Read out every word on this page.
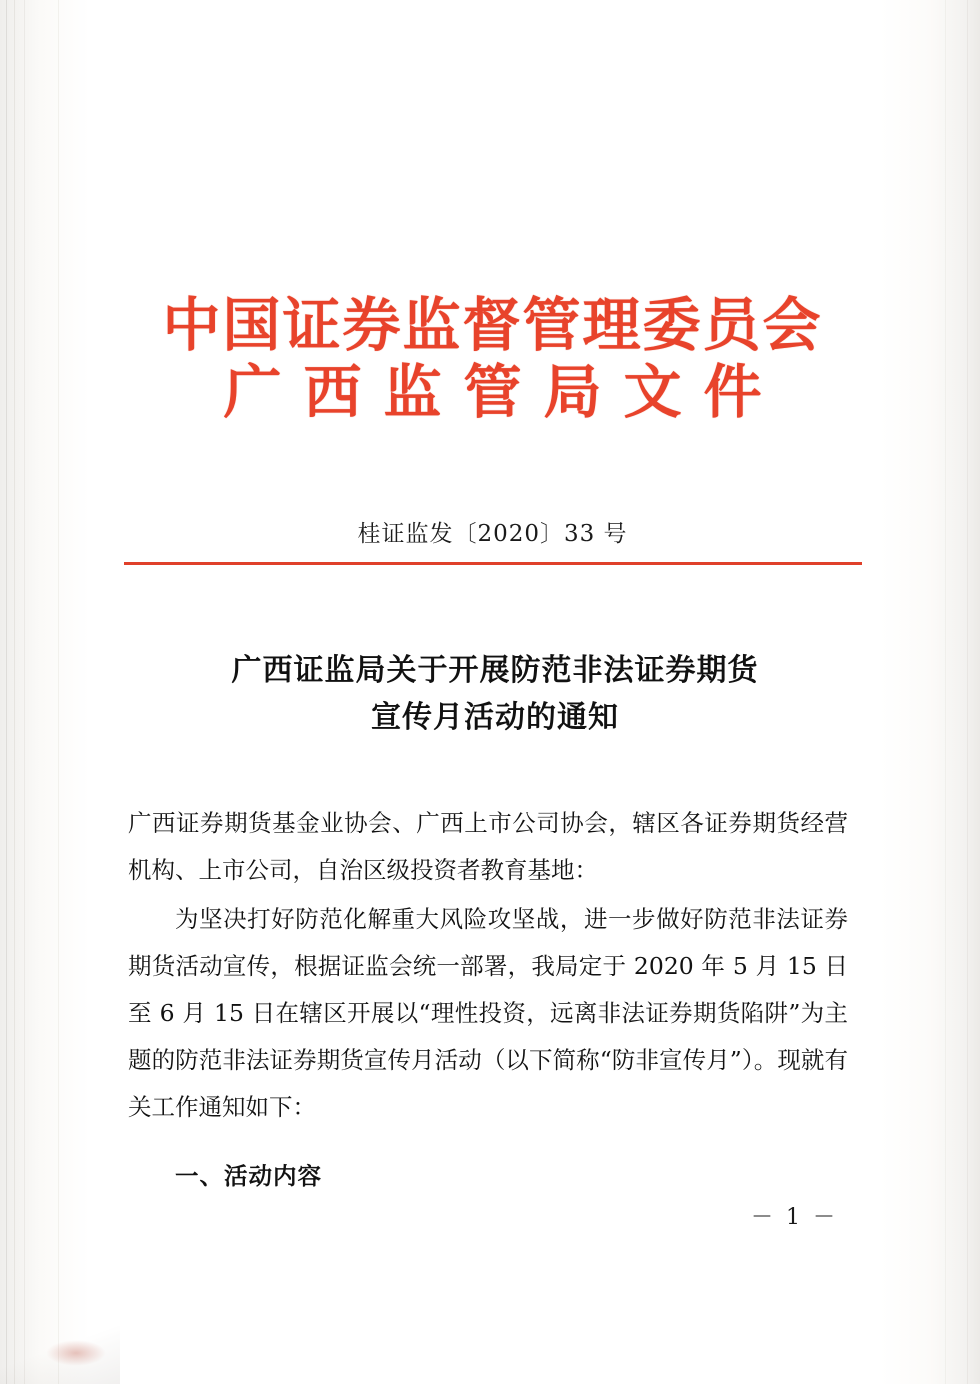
中国证券监督管理委员会
广西监管局文件
桂证监发〔2020〕33 号
广西证监局关于开展防范非法证券期货
宣传月活动的通知

广西证券期货基金业协会、广西上市公司协会，辖区各证券期货经营机构、上市公司，自治区级投资者教育基地：

为坚决打好防范化解重大风险攻坚战，进一步做好防范非法证券期货活动宣传，根据证监会统一部署，我局定于 2020 年 5 月 15 日至 6 月 15 日在辖区开展以“理性投资，远离非法证券期货陷阱”为主题的防范非法证券期货宣传月活动（以下简称“防非宣传月”）。现就有关工作通知如下：

一、活动内容

－ 1 －
